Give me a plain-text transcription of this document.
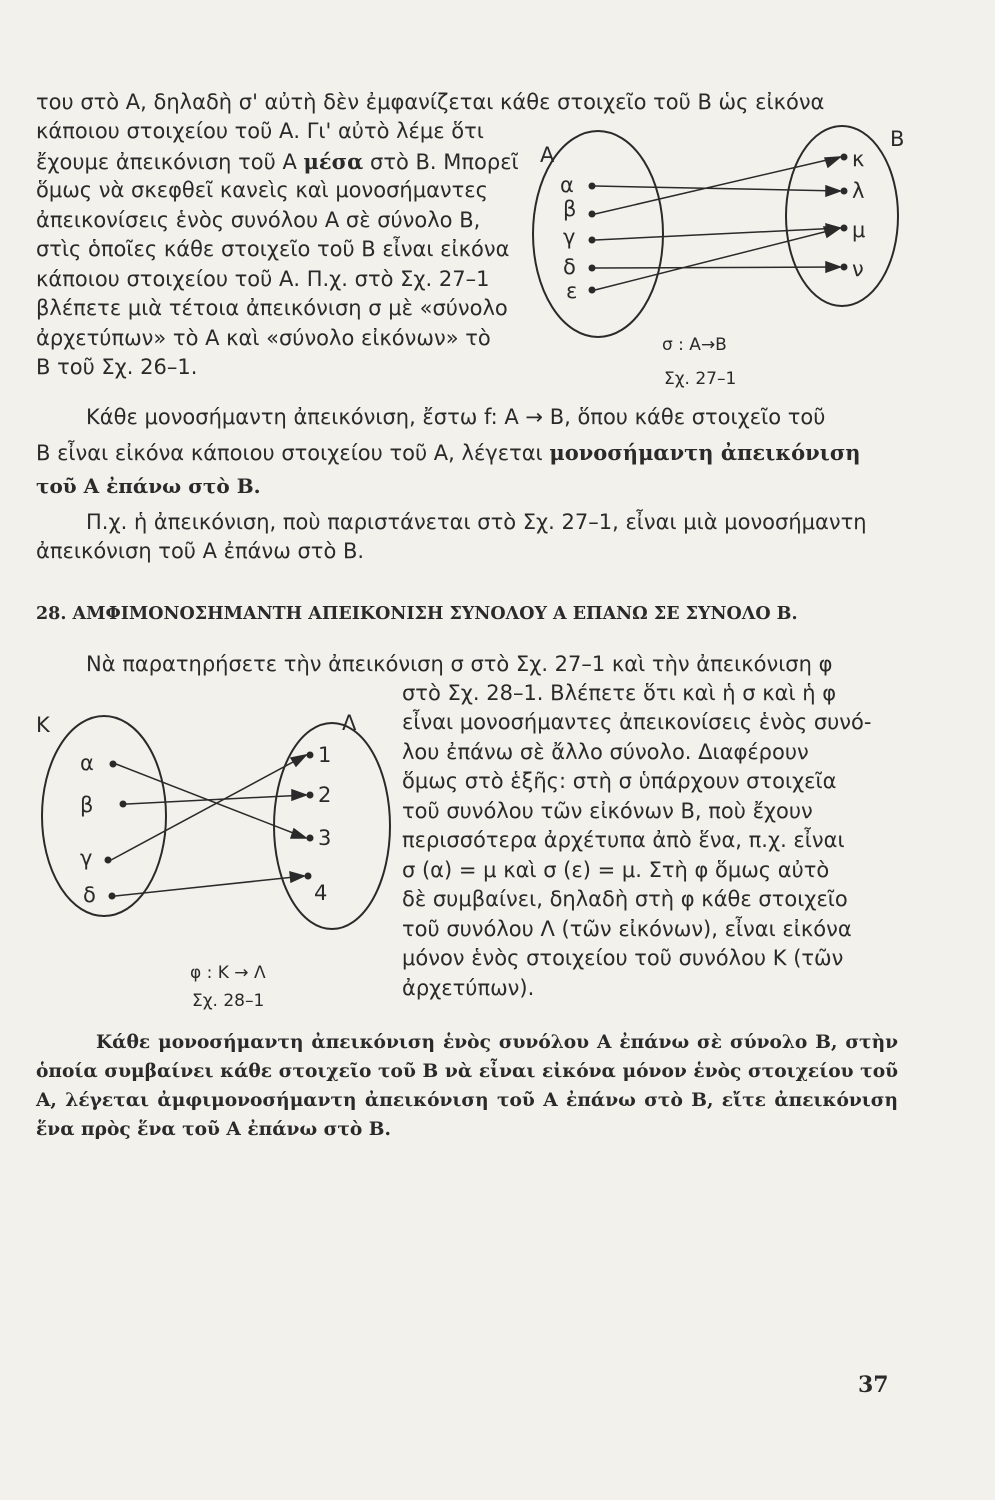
του στὸ Α, δηλαδὴ σ' αὐτὴ δὲν ἐμφανίζεται κάθε στοιχεῖο τοῦ Β ὡς εἰκόνα

κάποιου στοιχείου τοῦ Α. Γι' αὐτὸ λέμε ὅτι

ἔχουμε ἀπεικόνιση τοῦ Α μέσα στὸ Β. Μπορεῖ

ὅμως νὰ σκεφθεῖ κανεὶς καὶ μονοσήμαντες

ἀπεικονίσεις ἑνὸς συνόλου Α σὲ σύνολο Β,

στὶς ὁποῖες κάθε στοιχεῖο τοῦ Β εἶναι εἰκόνα

κάποιου στοιχείου τοῦ Α. Π.χ. στὸ Σχ. 27–1

βλέπετε μιὰ τέτοια ἀπεικόνιση σ μὲ «σύνολο

ἀρχετύπων» τὸ Α καὶ «σύνολο εἰκόνων» τὸ

Β τοῦ Σχ. 26–1.

A
B
α
β
γ
δ
ε
κ
λ
μ
ν
σ : A→B
Σχ. 27–1

Κάθε μονοσήμαντη ἀπεικόνιση, ἔστω f: A → B, ὅπου κάθε στοιχεῖο τοῦ

Β εἶναι εἰκόνα κάποιου στοιχείου τοῦ Α, λέγεται μονοσήμαντη ἀπεικόνιση

τοῦ Α ἐπάνω στὸ Β.

Π.χ. ἡ ἀπεικόνιση, ποὺ παριστάνεται στὸ Σχ. 27–1, εἶναι μιὰ μονοσήμαντη

ἀπεικόνιση τοῦ Α ἐπάνω στὸ Β.

28. ΑΜΦΙΜΟΝΟΣΗΜΑΝΤΗ ΑΠΕΙΚΟΝΙΣΗ ΣΥΝΟΛΟΥ Α ΕΠΑΝΩ ΣΕ ΣΥΝΟΛΟ Β.

Νὰ παρατηρήσετε τὴν ἀπεικόνιση σ στὸ Σχ. 27–1 καὶ τὴν ἀπεικόνιση φ

στὸ Σχ. 28–1. Βλέπετε ὅτι καὶ ἡ σ καὶ ἡ φ

εἶναι μονοσήμαντες ἀπεικονίσεις ἑνὸς συνό-

λου ἐπάνω σὲ ἄλλο σύνολο. Διαφέρουν

ὅμως στὸ ἑξῆς: στὴ σ ὑπάρχουν στοιχεῖα

τοῦ συνόλου τῶν εἰκόνων Β, ποὺ ἔχουν

περισσότερα ἀρχέτυπα ἀπὸ ἕνα, π.χ. εἶναι

σ (α) = μ καὶ σ (ε) = μ. Στὴ φ ὅμως αὐτὸ

δὲ συμβαίνει, δηλαδὴ στὴ φ κάθε στοιχεῖο

τοῦ συνόλου Λ (τῶν εἰκόνων), εἶναι εἰκόνα

μόνον ἑνὸς στοιχείου τοῦ συνόλου Κ (τῶν

ἀρχετύπων).

K	Λ
α
β
γ
δ
1
2
3
4
φ : K → Λ
Σχ. 28–1

Κάθε μονοσήμαντη ἀπεικόνιση ἑνὸς συνόλου Α ἐπάνω σὲ σύνολο Β, στὴν ὁποία συμβαίνει κάθε στοιχεῖο τοῦ Β νὰ εἶναι εἰκόνα μόνον ἑνὸς στοιχείου τοῦ Α, λέγεται ἀμφιμονοσήμαντη ἀπεικόνιση τοῦ Α ἐπάνω στὸ Β, εἴτε ἀπεικόνιση ἕνα πρὸς ἕνα τοῦ Α ἐπάνω στὸ Β.

37
